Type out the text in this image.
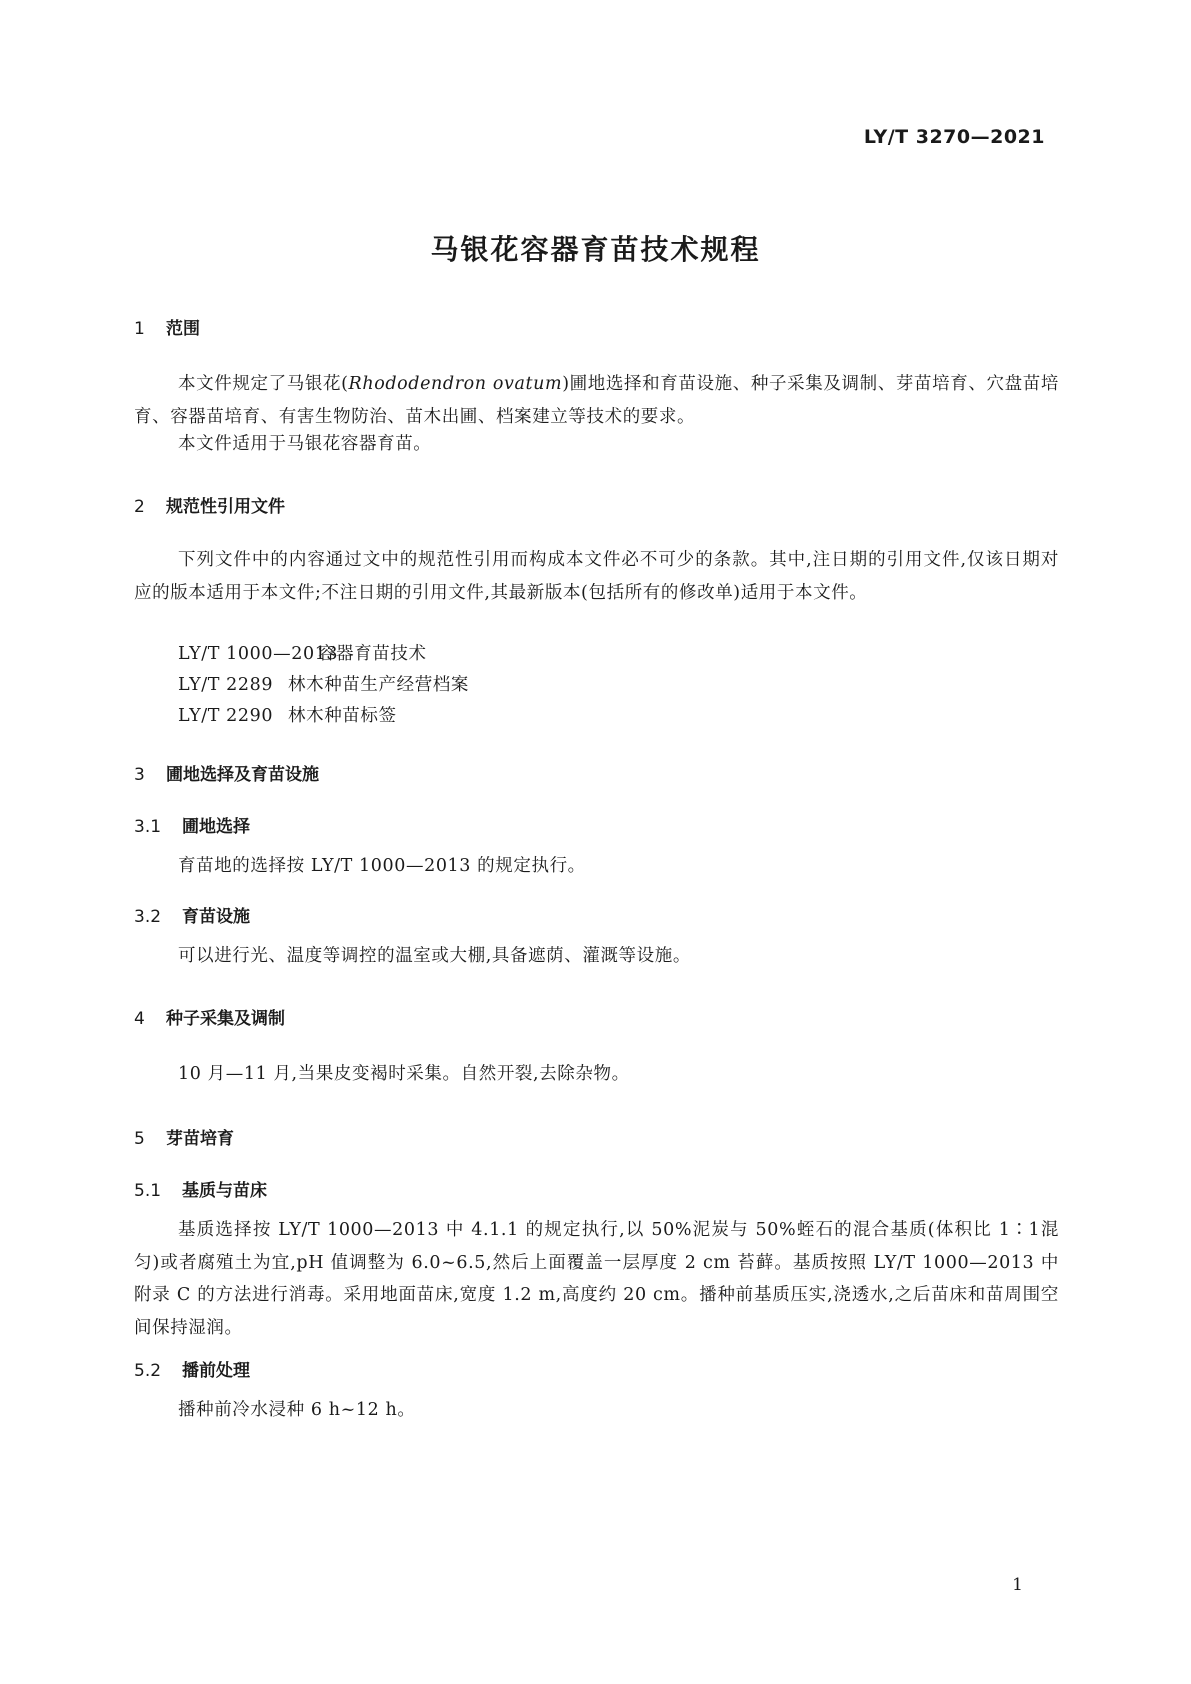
LY/T 3270—2021
马银花容器育苗技术规程
1 范围
本文件规定了马银花(Rhododendron ovatum)圃地选择和育苗设施、种子采集及调制、芽苗培育、穴盘苗培育、容器苗培育、有害生物防治、苗木出圃、档案建立等技术的要求。
本文件适用于马银花容器育苗。
2 规范性引用文件
下列文件中的内容通过文中的规范性引用而构成本文件必不可少的条款。其中,注日期的引用文件,仅该日期对应的版本适用于本文件;不注日期的引用文件,其最新版本(包括所有的修改单)适用于本文件。
LY/T 1000—2013容器育苗技术
LY/T 2289 林木种苗生产经营档案
LY/T 2290 林木种苗标签
3 圃地选择及育苗设施
3.1 圃地选择
育苗地的选择按 LY/T 1000—2013 的规定执行。
3.2 育苗设施
可以进行光、温度等调控的温室或大棚,具备遮荫、灌溉等设施。
4 种子采集及调制
10 月—11 月,当果皮变褐时采集。自然开裂,去除杂物。
5 芽苗培育
5.1 基质与苗床
基质选择按 LY/T 1000—2013 中 4.1.1 的规定执行,以 50%泥炭与 50%蛭石的混合基质(体积比 1∶1混匀)或者腐殖土为宜,pH 值调整为 6.0~6.5,然后上面覆盖一层厚度 2 cm 苔藓。基质按照 LY/T 1000—2013 中附录 C 的方法进行消毒。采用地面苗床,宽度 1.2 m,高度约 20 cm。播种前基质压实,浇透水,之后苗床和苗周围空间保持湿润。
5.2 播前处理
播种前冷水浸种 6 h~12 h。
1
